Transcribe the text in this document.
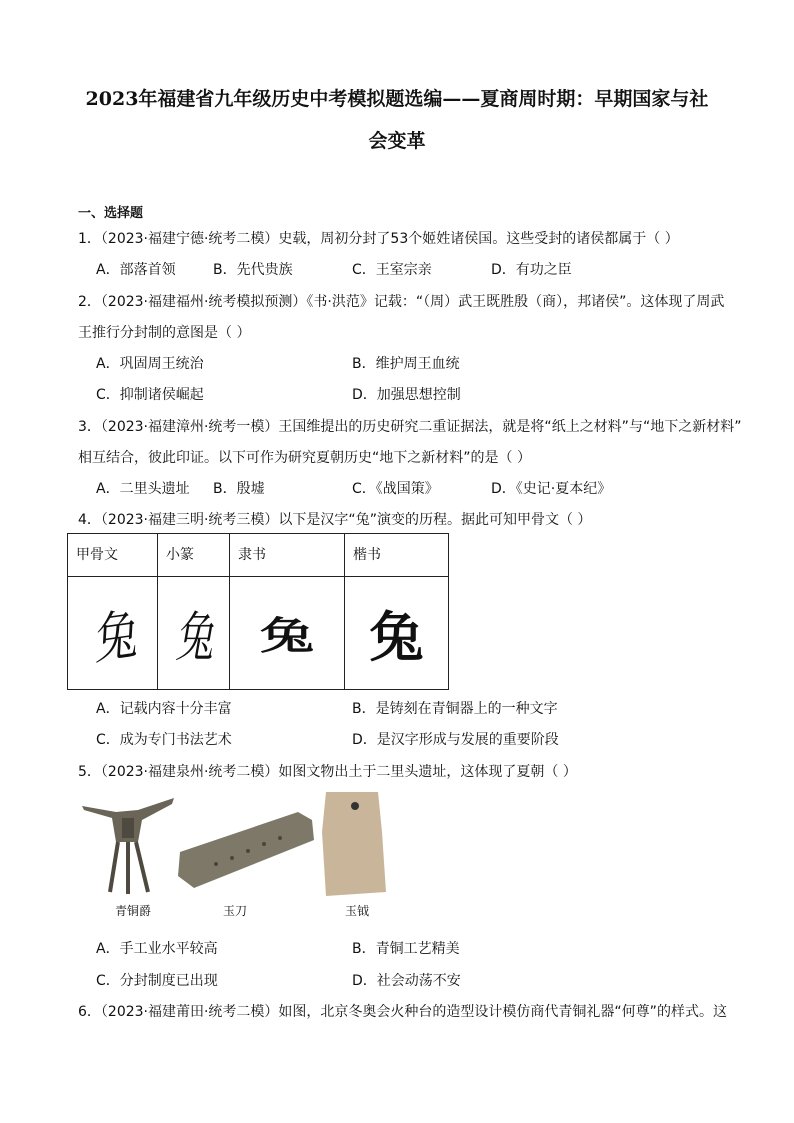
2023年福建省九年级历史中考模拟题选编——夏商周时期：早期国家与社
会变革
一、选择题
1．（2023·福建宁德·统考二模）史载，周初分封了53个姬姓诸侯国。这些受封的诸侯都属于（ ）
A．部落首领	B．先代贵族	C．王室宗亲	D．有功之臣
2．（2023·福建福州·统考模拟预测）《书·洪范》记载：“（周）武王既胜殷（商），邦诸侯”。这体现了周武
王推行分封制的意图是（ ）
A．巩固周王统治	B．维护周王血统
C．抑制诸侯崛起	D．加强思想控制
3．（2023·福建漳州·统考一模）王国维提出的历史研究二重证据法，就是将“纸上之材料”与“地下之新材料”
相互结合，彼此印证。以下可作为研究夏朝历史“地下之新材料”的是（ ）
A．二里头遗址 B．殷墟	C．《战国策》	D．《史记·夏本纪》
4．（2023·福建三明·统考三模）以下是汉字“兔”演变的历程。据此可知甲骨文（ ）
甲骨文	小篆	隶书	楷书
兔	兔	兔	兔
A．记载内容十分丰富	B．是铸刻在青铜器上的一种文字
C．成为专门书法艺术	D．是汉字形成与发展的重要阶段
5．（2023·福建泉州·统考二模）如图文物出土于二里头遗址，这体现了夏朝（ ）
青铜爵	玉刀	玉钺
A．手工业水平较高	B．青铜工艺精美
C．分封制度已出现	D．社会动荡不安
6．（2023·福建莆田·统考二模）如图，北京冬奥会火种台的造型设计模仿商代青铜礼器“何尊”的样式。这
